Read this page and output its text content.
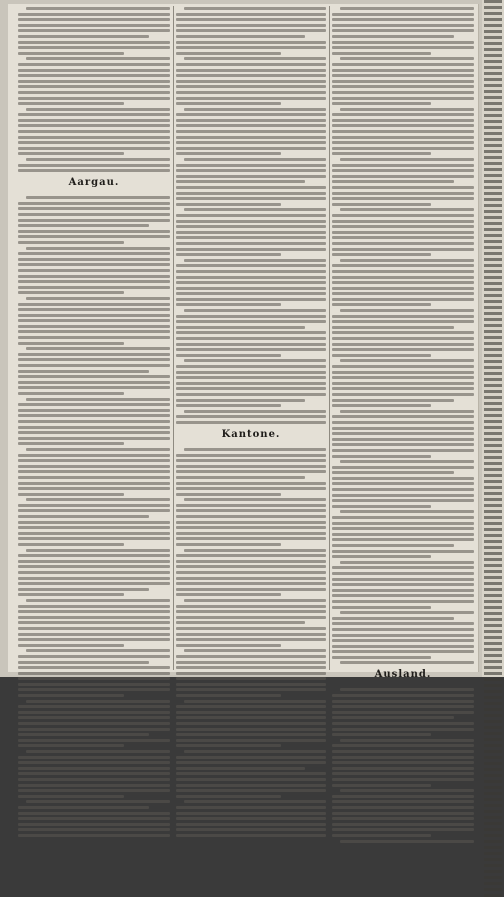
Aargau.
Kantone.
Ausland.
